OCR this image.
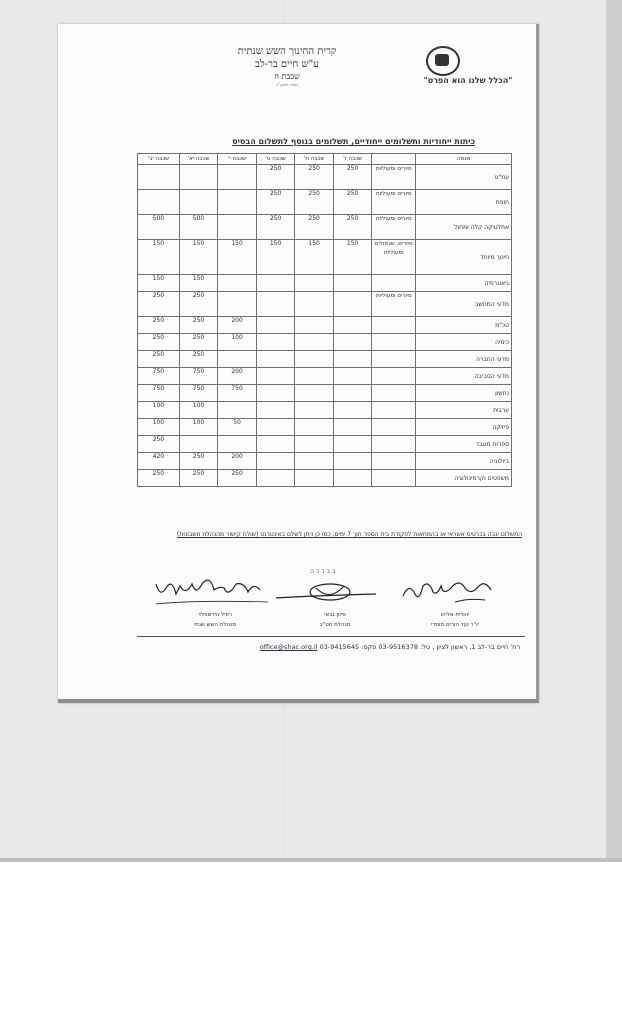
קרית החינוך השש שנתית
ע"ש חיים בר-לב
שכבת ח
תשרי תשע"ד	"הכלל שלנו הוא הפרט"
כיתות ייחודיות ותשלומים ייחודיים, תשלומים בנוסף לתשלום הבסיס
מגמה		שכבה ז'	שכבה ח'	שכבה ט'	שכבה י'	שכבה יא'	שכבה יב'
עמ"ט	סיורים ומעוליות	250	250	250			
חופת	סיורים ומעוליות	250	250	250			
אתלטיקה קלה ומחול	סיורים ומעוליות	250	250	250		500	500
חינוך מיוחד	סיורים, שכפולים ומעוליות	150	150	150	150	150	150
גיאוגרפיה						150	150
מדעי המחשב	סיורים ומעוליות					250	250
טכ"מ					200	250	250
כימיה					100	250	250
מדעי החברה						250	250
מדעי הסביבה					200	750	750
נחשון					750	750	750
ערבית						100	100
פיזיקה					50	100	100
ספרות מוגבר							250
ביולוגיה					200	250	420
משפטים וקרמינולוגיה					250	250	250
התשלום יגבה בכרטיס אשראי או בהמחאות לפקודת בית הספר תוך 7 ימים, כמו כן ניתן לשלם באינטרנט (שולח קישור מהנהלת חשבונות)
בברכה
יהודית אליהו
יו"ר ועד הורים מוסדי
סיוון גבאי
מנהלת חט"ב
רוזיל הירשפלד
מנהלת השש שנתי
רח' חיים בר-לב 1, ראשון לציון , טל: 03-9516378 פקס: 03-9415645 office@shac.org.il
